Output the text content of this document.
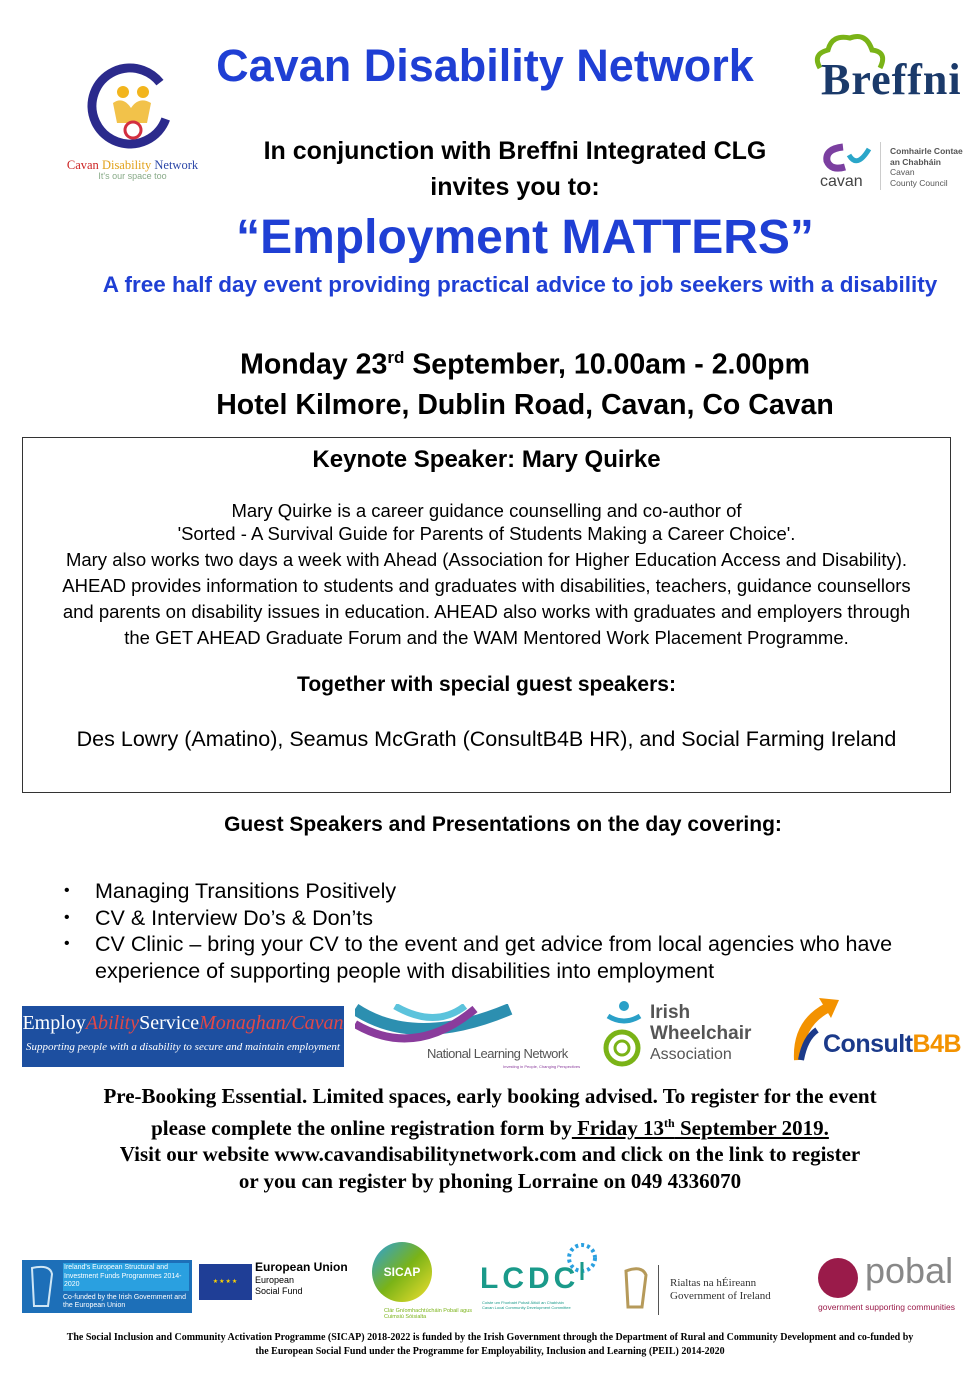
Cavan Disability Network
It's our space too
Breffni
cavan
Comhairle Contae
an Chabháin
Cavan
County Council
Cavan Disability Network
In conjunction with Breffni Integrated CLG
invites you to:
“Employment MATTERS”
A free half day event providing practical advice to job seekers with a disability
Monday 23rd September, 10.00am - 2.00pm
Hotel Kilmore, Dublin Road, Cavan, Co Cavan
Keynote Speaker: Mary Quirke
Mary Quirke is a career guidance counselling and co-author of
'Sorted - A Survival Guide for Parents of Students Making a Career Choice'.
Mary also works two days a week with Ahead (Association for Higher Education Access and Disability).
AHEAD provides information to students and graduates with disabilities, teachers, guidance counsellors
and parents on disability issues in education. AHEAD also works with graduates and employers through
the GET AHEAD Graduate Forum and the WAM Mentored Work Placement Programme.
Together with special guest speakers:
Des Lowry (Amatino), Seamus McGrath (ConsultB4B HR), and Social Farming Ireland
Guest Speakers and Presentations on the day covering:
• Managing Transitions Positively
• CV & Interview Do’s & Don’ts
• CV Clinic – bring your CV to the event and get advice from local agencies who have experience of supporting people with disabilities into employment
EmployAbilityServiceMonaghan/Cavan
Supporting people with a disability to secure and maintain employment	National Learning Network
Investing in People, Changing Perspectives
Irish
Wheelchair
Association	ConsultB4B
Pre-Booking Essential. Limited spaces, early booking advised. To register for the event
please complete the online registration form by Friday 13th September 2019.
Visit our website www.cavandisabilitynetwork.com and click on the link to register
or you can register by phoning Lorraine on 049 4336070
Ireland's European Structural and Investment Funds Programmes 2014-2020
Co-funded by the Irish Government and the European Union
★★★★
European Union
European
Social Fund
SICAP
Clár Gníomhachtúcháin Pobail agus Cuimsiú Sóisialta
LCDC
Coiste um Fhorbairt Pobail Áitiúil an Chabháin Cavan Local Community Development Committee
Rialtas na hÉireann
Government of Ireland
pobal
government supporting communities
The Social Inclusion and Community Activation Programme (SICAP) 2018-2022 is funded by the Irish Government through the Department of Rural and Community Development and co-funded by the European Social Fund under the Programme for Employability, Inclusion and Learning (PEIL) 2014-2020
